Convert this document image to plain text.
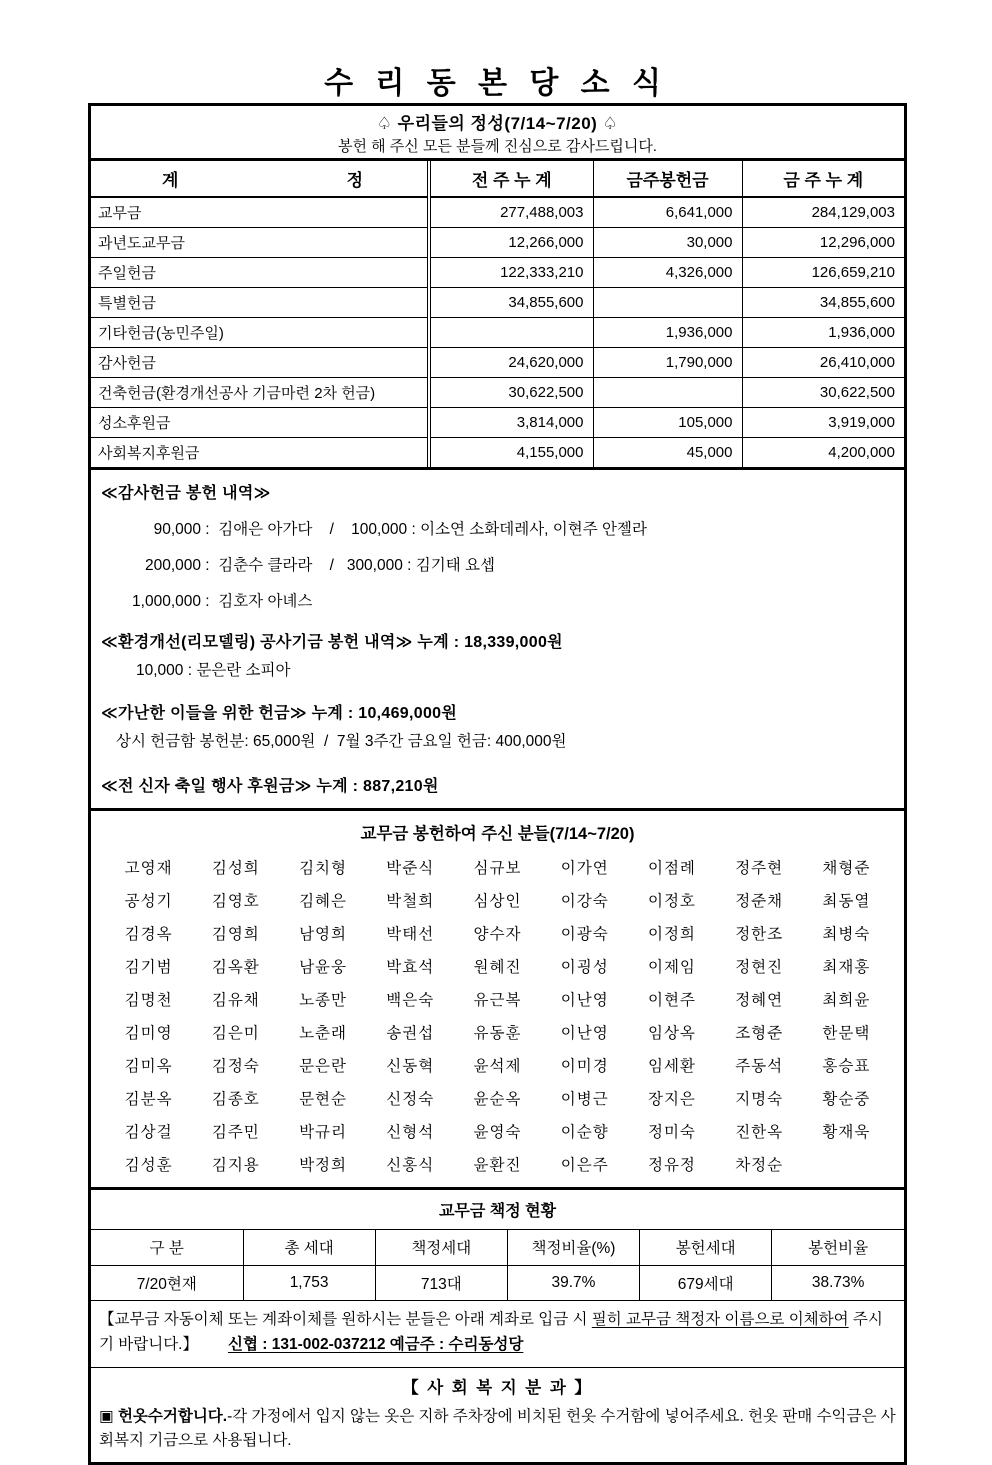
수 리 동 본 당 소 식
♤ 우리들의 정성(7/14~7/20) ♤
봉헌 해 주신 모든 분들께 진심으로 감사드립니다.
계 정	전 주 누 계	금주봉헌금	금 주 누 계
교무금	277,488,003	6,641,000	284,129,003
과년도교무금	12,266,000	30,000	12,296,000
주일헌금	122,333,210	4,326,000	126,659,210
특별헌금	34,855,600		34,855,600
기타헌금(농민주일)		1,936,000	1,936,000
감사헌금	24,620,000	1,790,000	26,410,000
건축헌금(환경개선공사 기금마련 2차 헌금)	30,622,500		30,622,500
성소후원금	3,814,000	105,000	3,919,000
사회복지후원금	4,155,000	45,000	4,200,000
≪감사헌금 봉헌 내역≫
90,000 :  김애은 아가다    /    100,000 : 이소연 소화데레사, 이현주 안젤라
200,000 :  김춘수 클라라    /   300,000 : 김기태 요셉
1,000,000 :  김호자 아녜스
≪환경개선(리모델링) 공사기금 봉헌 내역≫ 누계 : 18,339,000원
10,000 : 문은란 소피아
≪가난한 이들을 위한 헌금≫ 누계 : 10,469,000원
상시 헌금함 봉헌분: 65,000원  /  7월 3주간 금요일 헌금: 400,000원
≪전 신자 축일 행사 후원금≫ 누계 : 887,210원
교무금 봉헌하여 주신 분들(7/14~7/20)
고영재	김성희	김치형	박준식	심규보	이가연	이점례	정주현	채형준
공성기	김영호	김혜은	박철희	심상인	이강숙	이정호	정준채	최동열
김경옥	김영희	남영희	박태선	양수자	이광숙	이정희	정한조	최병숙
김기범	김옥환	남윤웅	박효석	원혜진	이굉성	이제임	정현진	최재홍
김명천	김유채	노종만	백은숙	유근복	이난영	이현주	정혜연	최희윤
김미영	김은미	노춘래	송권섭	유동훈	이난영	임상옥	조형준	한문택
김미옥	김정숙	문은란	신동혁	윤석제	이미경	임세환	주동석	홍승표
김분옥	김종호	문현순	신정숙	윤순옥	이병근	장지은	지명숙	황순중
김상걸	김주민	박규리	신형석	윤영숙	이순향	정미숙	진한옥	황재욱
김성훈	김지용	박정희	신홍식	윤환진	이은주	정유정	차정순
교무금 책정 현황
구 분	총 세대	책정세대	책정비율(%)	봉헌세대	봉헌비율
7/20현재	1,753	713대	39.7%	679세대	38.73%
【교무금 자동이체 또는 계좌이체를 원하시는 분들은 아래 계좌로 입금 시 필히 교무금 책정자 이름으로 이체하여 주시기 바랍니다.】 신협 : 131-002-037212 예금주 : 수리동성당
【 사 회 복 지 분 과 】
▣ 헌옷수거합니다.-각 가정에서 입지 않는 옷은 지하 주차장에 비치된 헌옷 수거함에 넣어주세요. 헌옷 판매 수익금은 사회복지 기금으로 사용됩니다.
